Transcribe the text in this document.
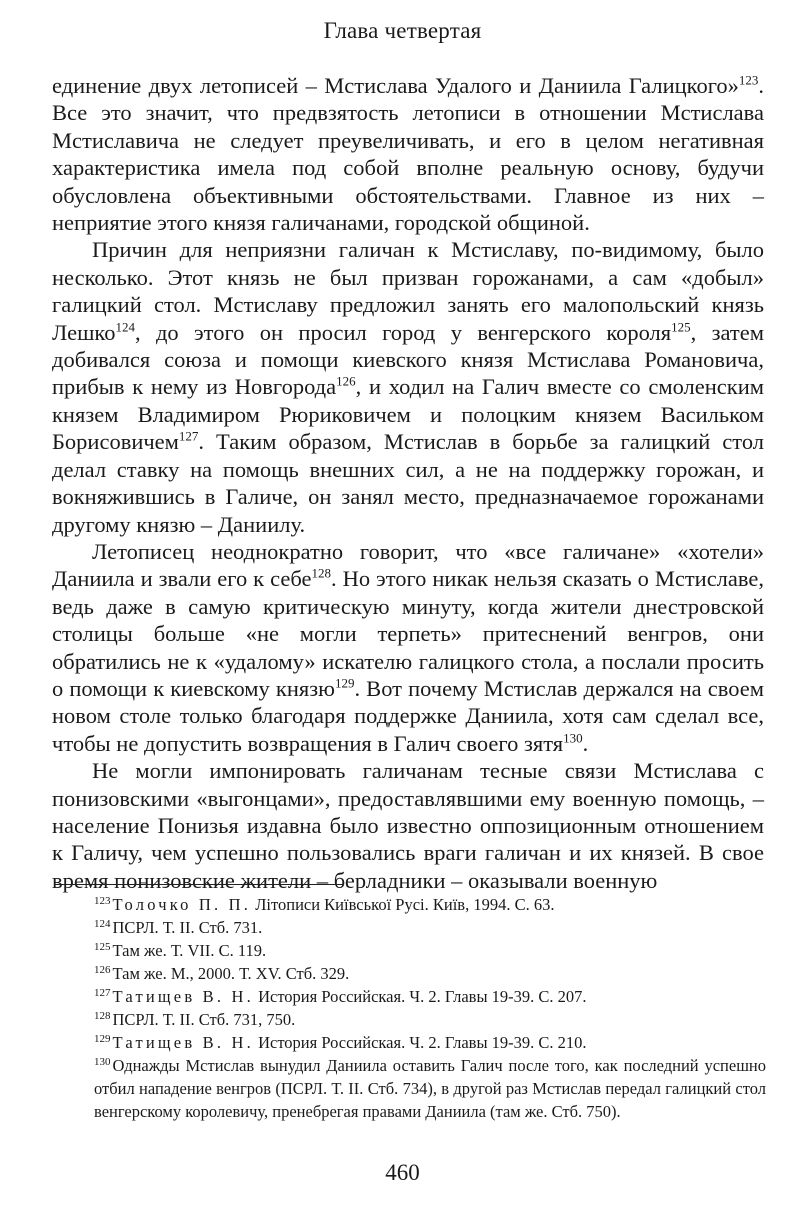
Глава четвертая

единение двух летописей – Мстислава Удалого и Даниила Галицкого»$^{123}$. Все это значит, что предвзятость летописи в отношении Мстислава Мстиславича не следует преувеличивать, и его в целом негативная характеристика имела под собой вполне реальную основу, будучи обусловлена объективными обстоятельствами. Главное из них – неприятие этого князя галичанами, городской общиной.

Причин для неприязни галичан к Мстиславу, по-видимому, было несколько. Этот князь не был призван горожанами, а сам «добыл» галицкий стол. Мстиславу предложил занять его малопольский князь Лешко$^{124}$, до этого он просил город у венгерского короля$^{125}$, затем добивался союза и помощи киевского князя Мстислава Романовича, прибыв к нему из Новгорода$^{126}$, и ходил на Галич вместе со смоленским князем Владимиром Рюриковичем и полоцким князем Васильком Борисовичем$^{127}$. Таким образом, Мстислав в борьбе за галицкий стол делал ставку на помощь внешних сил, а не на поддержку горожан, и вокняжившись в Галиче, он занял место, предназначаемое горожанами другому князю – Даниилу.

Летописец неоднократно говорит, что «все галичане» «хотели» Даниила и звали его к себе$^{128}$. Но этого никак нельзя сказать о Мстиславе, ведь даже в самую критическую минуту, когда жители днестровской столицы больше «не могли терпеть» притеснений венгров, они обратились не к «удалому» искателю галицкого стола, а послали просить о помощи к киевскому князю$^{129}$. Вот почему Мстислав держался на своем новом столе только благодаря поддержке Даниила, хотя сам сделал все, чтобы не допустить возвращения в Галич своего зятя$^{130}$.

Не могли импонировать галичанам тесные связи Мстислава с понизовскими «выгонцами», предоставлявшими ему военную помощь, – население Понизья издавна было известно оппозиционным отношением к Галичу, чем успешно пользовались враги галичан и их князей. В свое время понизовские жители – берладники – оказывали военную

$^{123}$ Толочко П. П. Літописи Київської Русі. Київ, 1994. С. 63.
$^{124}$ ПСРЛ. Т. II. Стб. 731.
$^{125}$ Там же. Т. VII. С. 119.
$^{126}$ Там же. М., 2000. Т. XV. Стб. 329.
$^{127}$ Татищев В. Н. История Российская. Ч. 2. Главы 19-39. С. 207.
$^{128}$ ПСРЛ. Т. II. Стб. 731, 750.
$^{129}$ Татищев В. Н. История Российская. Ч. 2. Главы 19-39. С. 210.
$^{130}$ Однажды Мстислав вынудил Даниила оставить Галич после того, как последний успешно отбил нападение венгров (ПСРЛ. Т. II. Стб. 734), в другой раз Мстислав передал галицкий стол венгерскому королевичу, пренебрегая правами Даниила (там же. Стб. 750).
460
